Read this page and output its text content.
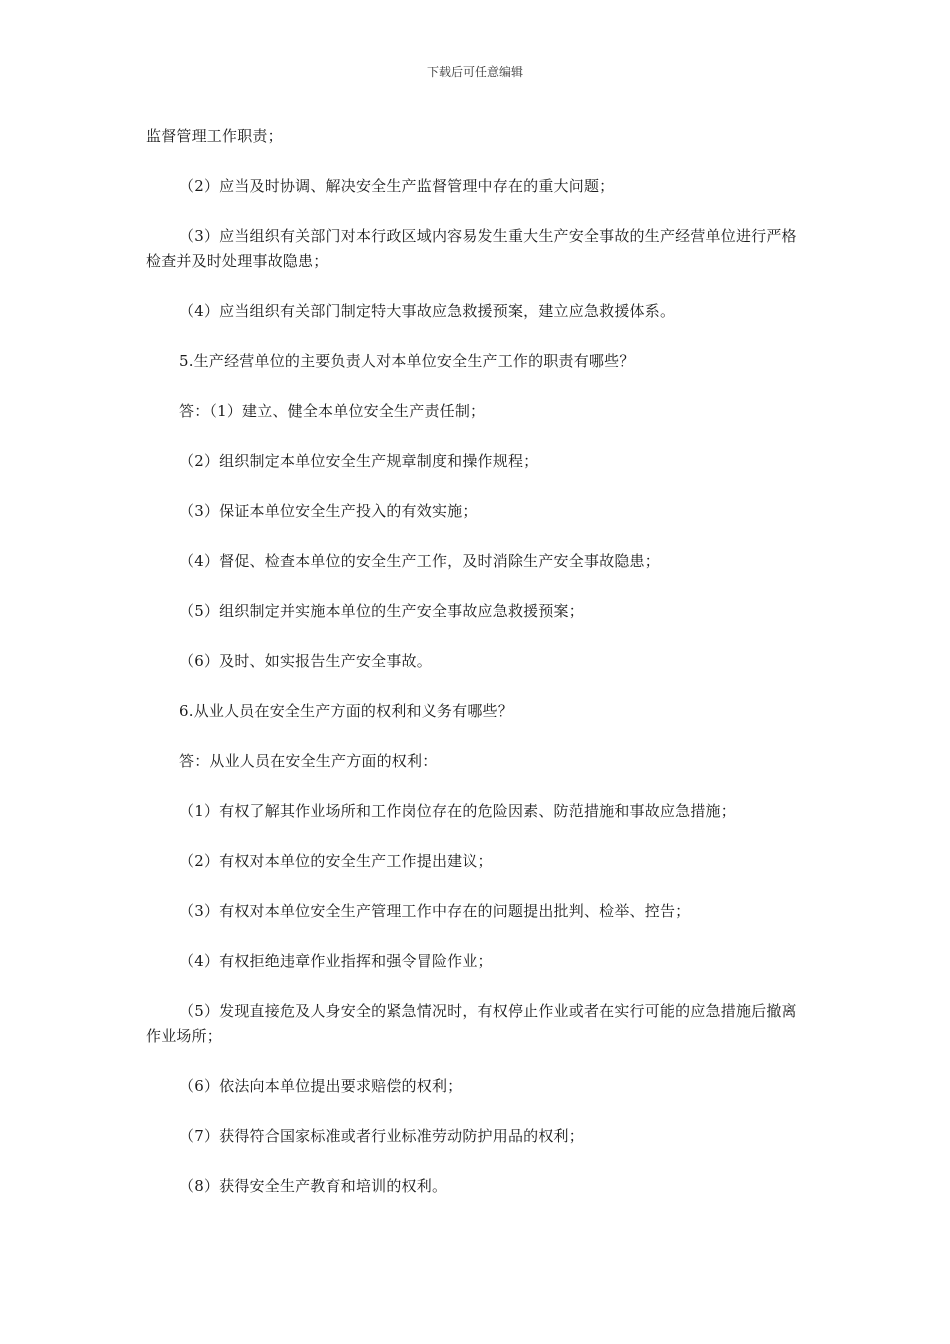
下载后可任意编辑

监督管理工作职责；

（2）应当及时协调、解决安全生产监督管理中存在的重大问题；

（3）应当组织有关部门对本行政区域内容易发生重大生产安全事故的生产经营单位进行严格检查并及时处理事故隐患；

（4）应当组织有关部门制定特大事故应急救援预案，建立应急救援体系。

5.生产经营单位的主要负责人对本单位安全生产工作的职责有哪些？

答：（1）建立、健全本单位安全生产责任制；

（2）组织制定本单位安全生产规章制度和操作规程；

（3）保证本单位安全生产投入的有效实施；

（4）督促、检查本单位的安全生产工作，及时消除生产安全事故隐患；

（5）组织制定并实施本单位的生产安全事故应急救援预案；

（6）及时、如实报告生产安全事故。

6.从业人员在安全生产方面的权利和义务有哪些？

答：从业人员在安全生产方面的权利：

（1）有权了解其作业场所和工作岗位存在的危险因素、防范措施和事故应急措施；

（2）有权对本单位的安全生产工作提出建议；

（3）有权对本单位安全生产管理工作中存在的问题提出批判、检举、控告；

（4）有权拒绝违章作业指挥和强令冒险作业；

（5）发现直接危及人身安全的紧急情况时，有权停止作业或者在实行可能的应急措施后撤离作业场所；

（6）依法向本单位提出要求赔偿的权利；

（7）获得符合国家标准或者行业标准劳动防护用品的权利；

（8）获得安全生产教育和培训的权利。
